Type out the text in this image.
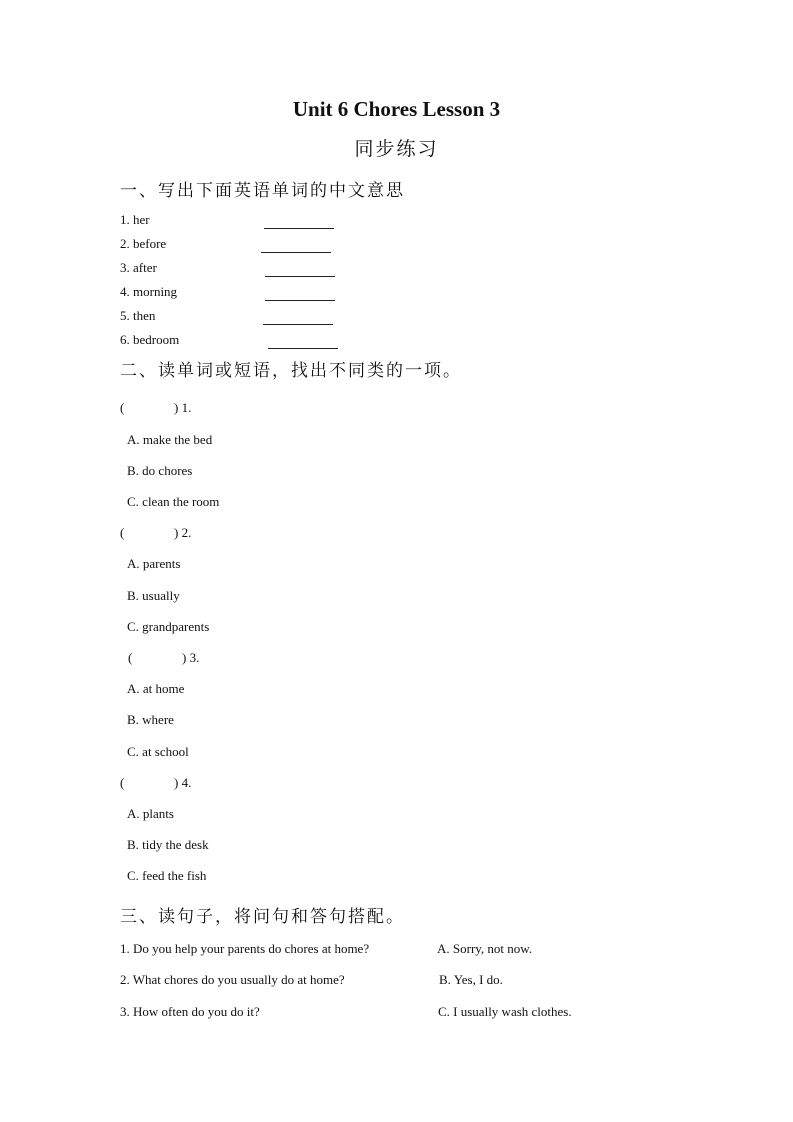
Unit 6 Chores Lesson 3
同步练习
一、写出下面英语单词的中文意思
1. her
2. before
3. after
4. morning
5. then
6. bedroom
二、读单词或短语，找出不同类的一项。
(	) 1.
A. make the bed
B. do chores
C. clean the room
(	) 2.
A. parents
B. usually
C. grandparents
(	) 3.
A. at home
B. where
C. at school
(	) 4.
A. plants
B. tidy the desk
C. feed the fish
三、读句子，将问句和答句搭配。
1. Do you help your parents do chores at home?	A. Sorry, not now.
2. What chores do you usually do at home?	B. Yes, I do.
3. How often do you do it?	C. I usually wash clothes.
